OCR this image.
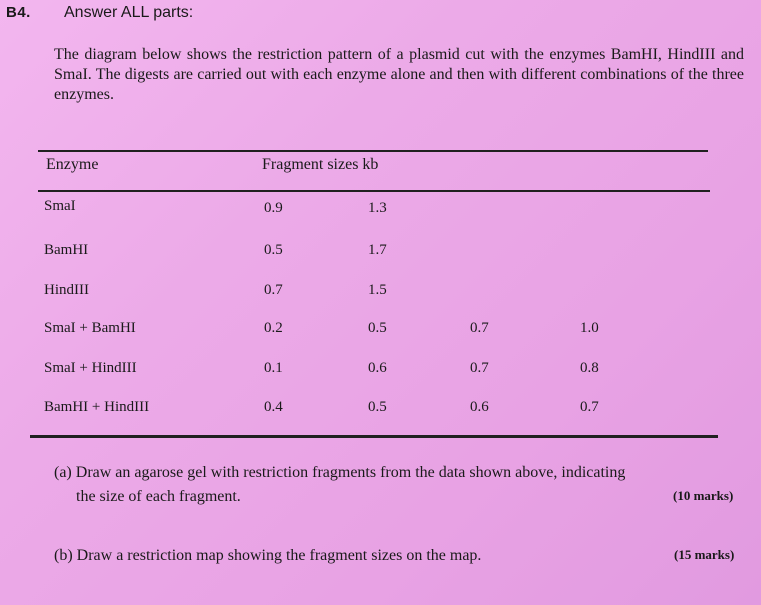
B4. Answer ALL parts:

The diagram below shows the restriction pattern of a plasmid cut with the enzymes BamHI, HindIII and SmaI. The digests are carried out with each enzyme alone and then with different combinations of the three enzymes.

Enzyme	Fragment sizes kb
SmaI	0.9	1.3
BamHI	0.5	1.7
HindIII	0.7	1.5
SmaI + BamHI	0.2	0.5	0.7	1.0
SmaI + HindIII	0.1	0.6	0.7	0.8
BamHI + HindIII	0.4	0.5	0.6	0.7
(a) Draw an agarose gel with restriction fragments from the data shown above, indicating
the size of each fragment.	(10 marks)
(b) Draw a restriction map showing the fragment sizes on the map.	(15 marks)
